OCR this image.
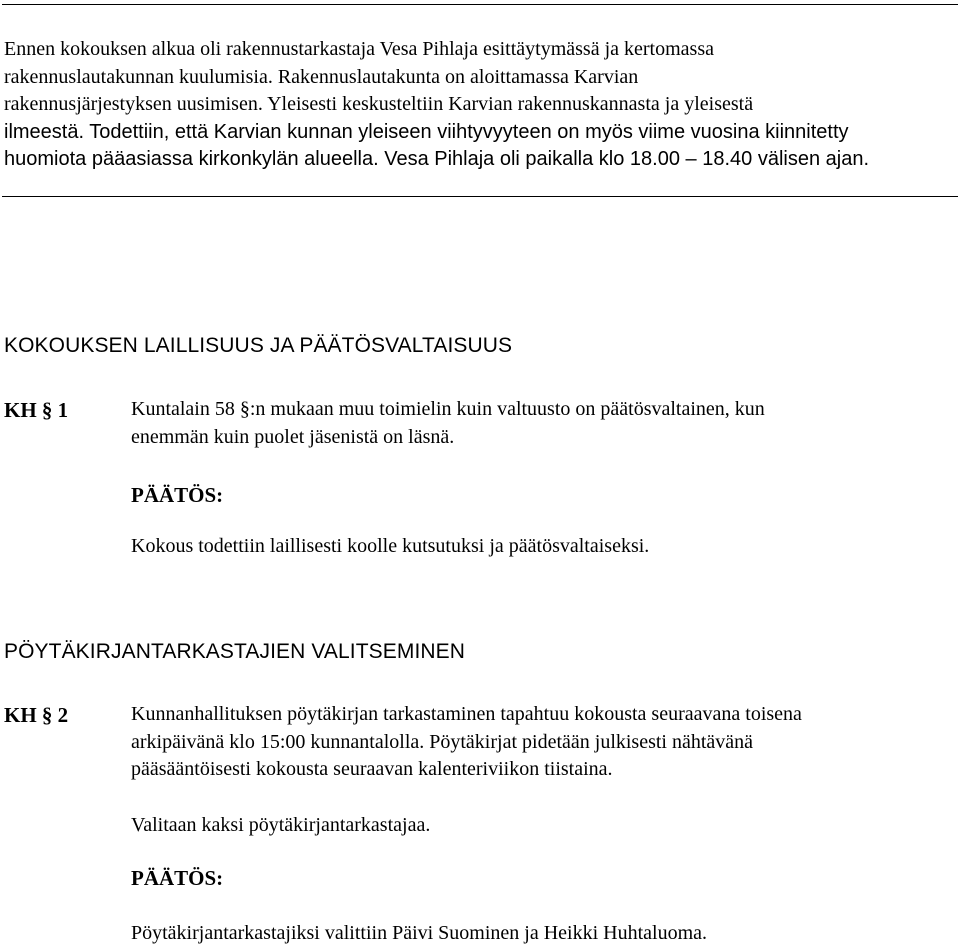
Ennen kokouksen alkua oli rakennustarkastaja Vesa Pihlaja esittäytymässä ja kertomassa
rakennuslautakunnan kuulumisia. Rakennuslautakunta on aloittamassa Karvian
rakennusjärjestyksen uusimisen. Yleisesti keskusteltiin Karvian rakennuskannasta ja yleisestä
ilmeestä. Todettiin, että Karvian kunnan yleiseen viihtyvyyteen on myös viime vuosina kiinnitetty
huomiota pääasiassa kirkonkylän alueella. Vesa Pihlaja oli paikalla klo 18.00 – 18.40 välisen ajan.
KOKOUKSEN LAILLISUUS JA PÄÄTÖSVALTAISUUS
KH § 1	Kuntalain 58 §:n mukaan muu toimielin kuin valtuusto on päätösvaltainen, kun
enemmän kuin puolet jäsenistä on läsnä.
PÄÄTÖS:
Kokous todettiin laillisesti koolle kutsutuksi ja päätösvaltaiseksi.
PÖYTÄKIRJANTARKASTAJIEN VALITSEMINEN
KH § 2	Kunnanhallituksen pöytäkirjan tarkastaminen tapahtuu kokousta seuraavana toisena
arkipäivänä klo 15:00 kunnantalolla. Pöytäkirjat pidetään julkisesti nähtävänä
pääsääntöisesti kokousta seuraavan kalenteriviikon tiistaina.
Valitaan kaksi pöytäkirjantarkastajaa.
PÄÄTÖS:
Pöytäkirjantarkastajiksi valittiin Päivi Suominen ja Heikki Huhtaluoma.
